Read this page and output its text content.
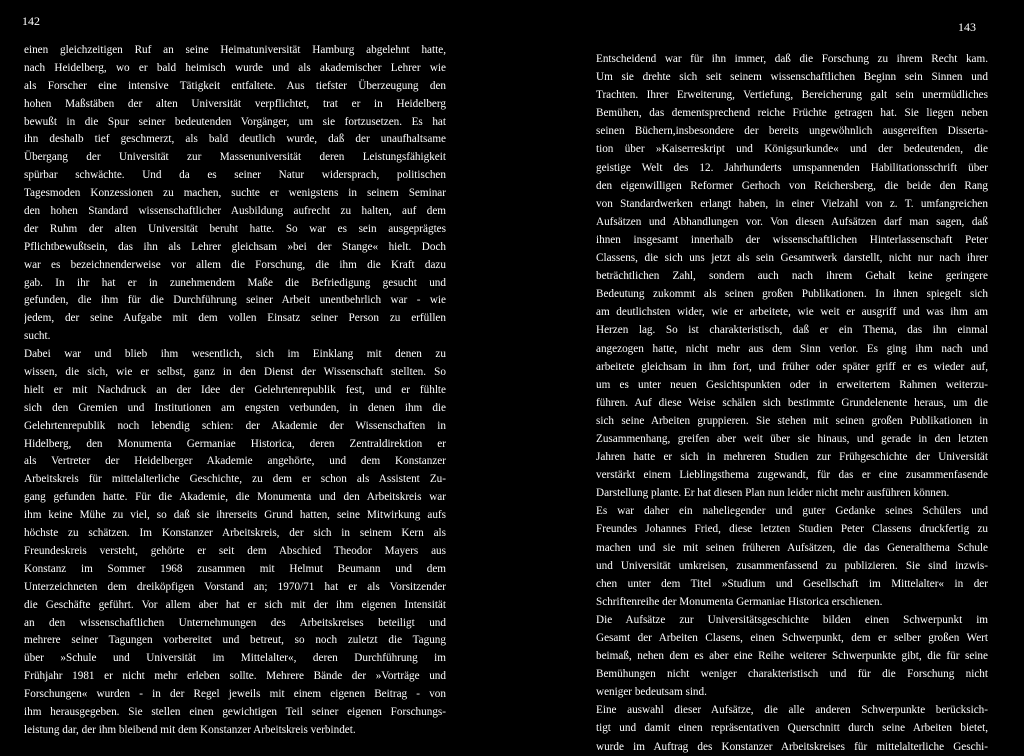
142
einen gleichzeitigen Ruf an seine Heimatuniversität Hamburg abgelehnt hatte,
nach Heidelberg, wo er bald heimisch wurde und als akademischer Lehrer wie
als Forscher eine intensive Tätigkeit entfaltete. Aus tiefster Überzeugung den
hohen Maßstäben der alten Universität verpflichtet, trat er in Heidelberg
bewußt in die Spur seiner bedeutenden Vorgänger, um sie fortzusetzen. Es hat
ihn deshalb tief geschmerzt, als bald deutlich wurde, daß der unaufhaltsame
Übergang der Universität zur Massenuniversität deren Leistungsfähigkeit
spürbar schwächte. Und da es seiner Natur widersprach, politischen
Tagesmoden Konzessionen zu machen, suchte er wenigstens in seinem Seminar
den hohen Standard wissenschaftlicher Ausbildung aufrecht zu halten, auf dem
der Ruhm der alten Universität beruht hatte. So war es sein ausgeprägtes
Pflichtbewußtsein, das ihn als Lehrer gleichsam »bei der Stange« hielt. Doch
war es bezeichnenderweise vor allem die Forschung, die ihm die Kraft dazu
gab. In ihr hat er in zunehmendem Maße die Befriedigung gesucht und
gefunden, die ihm für die Durchführung seiner Arbeit unentbehrlich war - wie
jedem, der seine Aufgabe mit dem vollen Einsatz seiner Person zu erfüllen
sucht.
Dabei war und blieb ihm wesentlich, sich im Einklang mit denen zu
wissen, die sich, wie er selbst, ganz in den Dienst der Wissenschaft stellten. So
hielt er mit Nachdruck an der Idee der Gelehrtenrepublik fest, und er fühlte
sich den Gremien und Institutionen am engsten verbunden, in denen ihm die
Gelehrtenrepublik noch lebendig schien: der Akademie der Wissenschaften in
Hidelberg, den Monumenta Germaniae Historica, deren Zentraldirektion er
als Vertreter der Heidelberger Akademie angehörte, und dem Konstanzer
Arbeitskreis für mittelalterliche Geschichte, zu dem er schon als Assistent Zu-
gang gefunden hatte. Für die Akademie, die Monumenta und den Arbeitskreis war
ihm keine Mühe zu viel, so daß sie ihrerseits Grund hatten, seine Mitwirkung aufs
höchste zu schätzen. Im Konstanzer Arbeitskreis, der sich in seinem Kern als
Freundeskreis versteht, gehörte er seit dem Abschied Theodor Mayers aus
Konstanz im Sommer 1968 zusammen mit Helmut Beumann und dem
Unterzeichneten dem dreiköpfigen Vorstand an; 1970/71 hat er als Vorsitzender
die Geschäfte geführt. Vor allem aber hat er sich mit der ihm eigenen Intensität
an den wissenschaftlichen Unternehmungen des Arbeitskreises beteiligt und
mehrere seiner Tagungen vorbereitet und betreut, so noch zuletzt die Tagung
über »Schule und Universität im Mittelalter«, deren Durchführung im
Frühjahr 1981 er nicht mehr erleben sollte. Mehrere Bände der »Vorträge und
Forschungen« wurden - in der Regel jeweils mit einem eigenen Beitrag - von
ihm herausgegeben. Sie stellen einen gewichtigen Teil seiner eigenen Forschungs-
leistung dar, der ihm bleibend mit dem Konstanzer Arbeitskreis verbindet.
143
Entscheidend war für ihn immer, daß die Forschung zu ihrem Recht kam.
Um sie drehte sich seit seinem wissenschaftlichen Beginn sein Sinnen und
Trachten. Ihrer Erweiterung, Vertiefung, Bereicherung galt sein unermüdliches
Bemühen, das dementsprechend reiche Früchte getragen hat. Sie liegen neben
seinen Büchern,insbesondere der bereits ungewöhnlich ausgereiften Disserta-
tion über »Kaiserreskript und Königsurkunde« und der bedeutenden, die
geistige Welt des 12. Jahrhunderts umspannenden Habilitationsschrift über
den eigenwilligen Reformer Gerhoch von Reichersberg, die beide den Rang
von Standardwerken erlangt haben, in einer Vielzahl von z. T. umfangreichen
Aufsätzen und Abhandlungen vor. Von diesen Aufsätzen darf man sagen, daß
ihnen insgesamt innerhalb der wissenschaftlichen Hinterlassenschaft Peter
Classens, die sich uns jetzt als sein Gesamtwerk darstellt, nicht nur nach ihrer
beträchtlichen Zahl, sondern auch nach ihrem Gehalt keine geringere
Bedeutung zukommt als seinen großen Publikationen. In ihnen spiegelt sich
am deutlichsten wider, wie er arbeitete, wie weit er ausgriff und was ihm am
Herzen lag. So ist charakteristisch, daß er ein Thema, das ihn einmal
angezogen hatte, nicht mehr aus dem Sinn verlor. Es ging ihm nach und
arbeitete gleichsam in ihm fort, und früher oder später griff er es wieder auf,
um es unter neuen Gesichtspunkten oder in erweitertem Rahmen weiterzu-
führen. Auf diese Weise schälen sich bestimmte Grundelenente heraus, um die
sich seine Arbeiten gruppieren. Sie stehen mit seinen großen Publikationen in
Zusammenhang, greifen aber weit über sie hinaus, und gerade in den letzten
Jahren hatte er sich in mehreren Studien zur Frühgeschichte der Universität
verstärkt einem Lieblingsthema zugewandt, für das er eine zusammenfasende
Darstellung plante. Er hat diesen Plan nun leider nicht mehr ausführen können.
Es war daher ein naheliegender und guter Gedanke seines Schülers und
Freundes Johannes Fried, diese letzten Studien Peter Classens druckfertig zu
machen und sie mit seinen früheren Aufsätzen, die das Generalthema Schule
und Universität umkreisen, zusammenfassend zu publizieren. Sie sind inzwis-
chen unter dem Titel »Studium und Gesellschaft im Mittelalter« in der
Schriftenreihe der Monumenta Germaniae Historica erschienen.
Die Aufsätze zur Universitätsgeschichte bilden einen Schwerpunkt im
Gesamt der Arbeiten Clasens, einen Schwerpunkt, dem er selber großen Wert
beimaß, nehen dem es aber eine Reihe weiterer Schwerpunkte gibt, die für seine
Bemühungen nicht weniger charakteristisch und für die Forschung nicht
weniger bedeutsam sind.
Eine auswahl dieser Aufsätze, die alle anderen Schwerpunkte berücksich-
tigt und damit einen repräsentativen Querschnitt durch seine Arbeiten bietet,
wurde im Auftrag des Konstanzer Arbeitskreises für mittelalterliche Geschi-
